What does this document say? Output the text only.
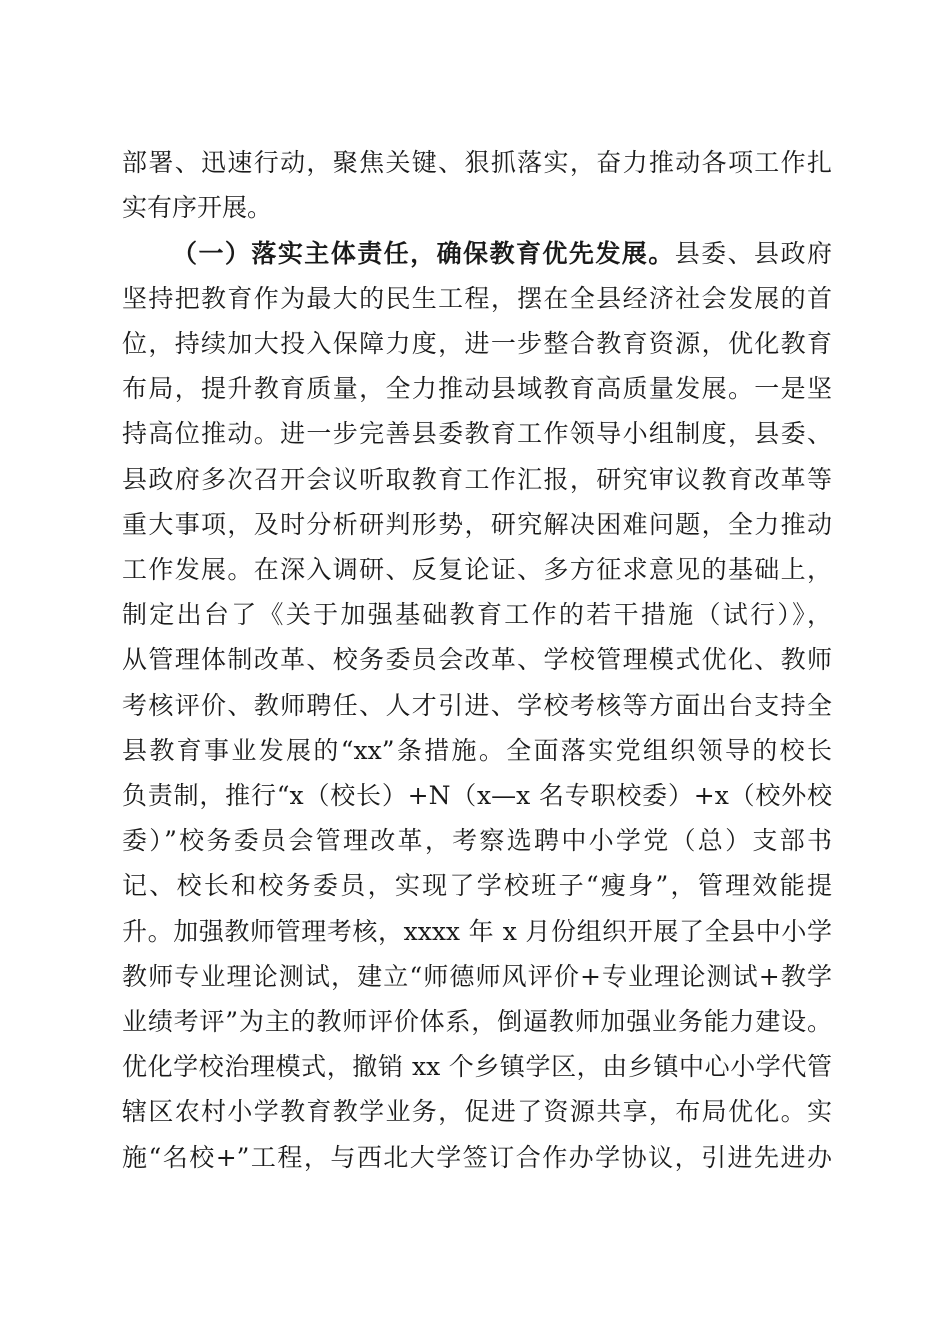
部署、迅速行动，聚焦关键、狠抓落实，奋力推动各项工作扎
实有序开展。
（一）落实主体责任，确保教育优先发展。县委、县政府
坚持把教育作为最大的民生工程，摆在全县经济社会发展的首
位，持续加大投入保障力度，进一步整合教育资源，优化教育
布局，提升教育质量，全力推动县域教育高质量发展。一是坚
持高位推动。进一步完善县委教育工作领导小组制度，县委、
县政府多次召开会议听取教育工作汇报，研究审议教育改革等
重大事项，及时分析研判形势，研究解决困难问题，全力推动
工作发展。在深入调研、反复论证、多方征求意见的基础上，
制定出台了《关于加强基础教育工作的若干措施（试行）》，
从管理体制改革、校务委员会改革、学校管理模式优化、教师
考核评价、教师聘任、人才引进、学校考核等方面出台支持全
县教育事业发展的“xx”条措施。全面落实党组织领导的校长
负责制，推行“x（校长）+N（x—x 名专职校委）+x（校外校
委）”校务委员会管理改革，考察选聘中小学党（总）支部书
记、校长和校务委员，实现了学校班子“瘦身”，管理效能提
升。加强教师管理考核，xxxx 年 x 月份组织开展了全县中小学
教师专业理论测试，建立“师德师风评价+专业理论测试+教学
业绩考评”为主的教师评价体系，倒逼教师加强业务能力建设。
优化学校治理模式，撤销 xx 个乡镇学区，由乡镇中心小学代管
辖区农村小学教育教学业务，促进了资源共享，布局优化。实
施“名校+”工程，与西北大学签订合作办学协议，引进先进办
